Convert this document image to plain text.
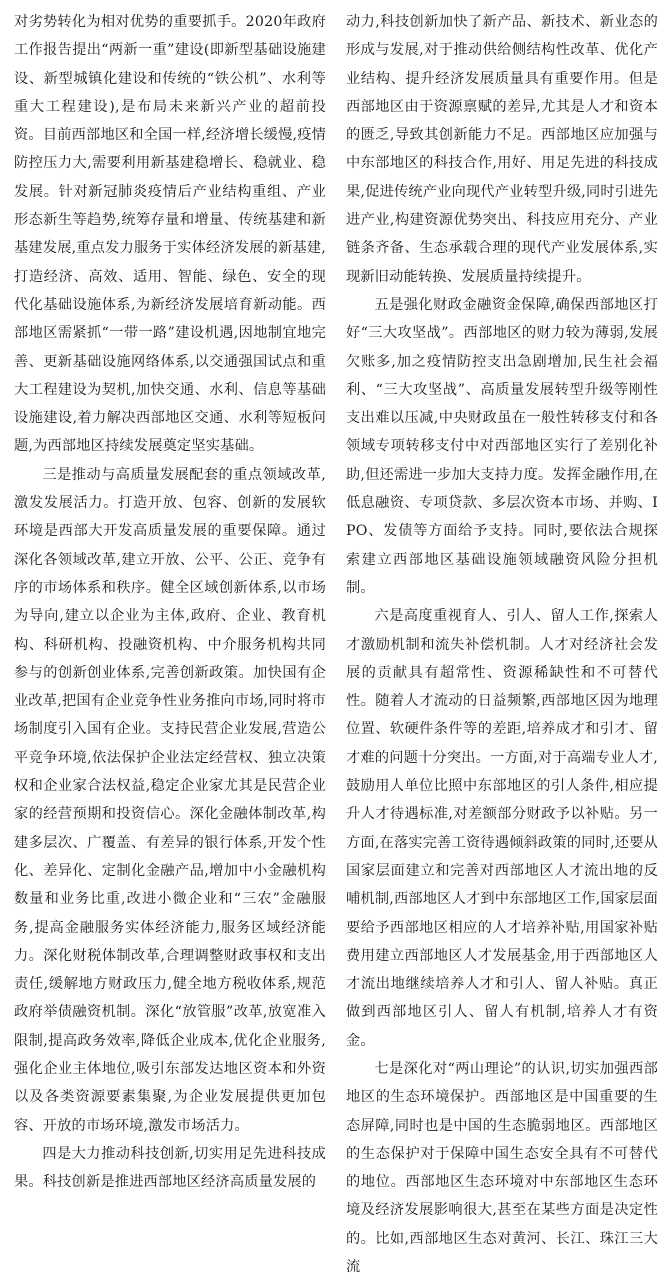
对劣势转化为相对优势的重要抓手。2020年政府工作报告提出“两新一重”建设(即新型基础设施建设、新型城镇化建设和传统的“铁公机”、水利等重大工程建设),是布局未来新兴产业的超前投资。目前西部地区和全国一样,经济增长缓慢,疫情防控压力大,需要利用新基建稳增长、稳就业、稳发展。针对新冠肺炎疫情后产业结构重组、产业形态新生等趋势,统筹存量和增量、传统基建和新基建发展,重点发力服务于实体经济发展的新基建,打造经济、高效、适用、智能、绿色、安全的现代化基础设施体系,为新经济发展培育新动能。西部地区需紧抓“一带一路”建设机遇,因地制宜地完善、更新基础设施网络体系,以交通强国试点和重大工程建设为契机,加快交通、水利、信息等基础设施建设,着力解决西部地区交通、水利等短板问题,为西部地区持续发展奠定坚实基础。

三是推动与高质量发展配套的重点领域改革,激发发展活力。打造开放、包容、创新的发展软环境是西部大开发高质量发展的重要保障。通过深化各领域改革,建立开放、公平、公正、竞争有序的市场体系和秩序。健全区域创新体系,以市场为导向,建立以企业为主体,政府、企业、教育机构、科研机构、投融资机构、中介服务机构共同参与的创新创业体系,完善创新政策。加快国有企业改革,把国有企业竞争性业务推向市场,同时将市场制度引入国有企业。支持民营企业发展,营造公平竞争环境,依法保护企业法定经营权、独立决策权和企业家合法权益,稳定企业家尤其是民营企业家的经营预期和投资信心。深化金融体制改革,构建多层次、广覆盖、有差异的银行体系,开发个性化、差异化、定制化金融产品,增加中小金融机构数量和业务比重,改进小微企业和“三农”金融服务,提高金融服务实体经济能力,服务区域经济能力。深化财税体制改革,合理调整财政事权和支出责任,缓解地方财政压力,健全地方税收体系,规范政府举债融资机制。深化“放管服”改革,放宽准入限制,提高政务效率,降低企业成本,优化企业服务,强化企业主体地位,吸引东部发达地区资本和外资以及各类资源要素集聚,为企业发展提供更加包容、开放的市场环境,激发市场活力。

四是大力推动科技创新,切实用足先进科技成果。科技创新是推进西部地区经济高质量发展的

动力,科技创新加快了新产品、新技术、新业态的形成与发展,对于推动供给侧结构性改革、优化产业结构、提升经济发展质量具有重要作用。但是西部地区由于资源禀赋的差异,尤其是人才和资本的匮乏,导致其创新能力不足。西部地区应加强与中东部地区的科技合作,用好、用足先进的科技成果,促进传统产业向现代产业转型升级,同时引进先进产业,构建资源优势突出、科技应用充分、产业链条齐备、生态承载合理的现代产业发展体系,实现新旧动能转换、发展质量持续提升。

五是强化财政金融资金保障,确保西部地区打好“三大攻坚战”。西部地区的财力较为薄弱,发展欠账多,加之疫情防控支出急剧增加,民生社会福利、“三大攻坚战”、高质量发展转型升级等刚性支出难以压减,中央财政虽在一般性转移支付和各领域专项转移支付中对西部地区实行了差别化补助,但还需进一步加大支持力度。发挥金融作用,在低息融资、专项贷款、多层次资本市场、并购、IPO、发债等方面给予支持。同时,要依法合规探索建立西部地区基础设施领域融资风险分担机制。

六是高度重视育人、引人、留人工作,探索人才激励机制和流失补偿机制。人才对经济社会发展的贡献具有超常性、资源稀缺性和不可替代性。随着人才流动的日益频繁,西部地区因为地理位置、软硬件条件等的差距,培养成才和引才、留才难的问题十分突出。一方面,对于高端专业人才,鼓励用人单位比照中东部地区的引人条件,相应提升人才待遇标准,对差额部分财政予以补贴。另一方面,在落实完善工资待遇倾斜政策的同时,还要从国家层面建立和完善对西部地区人才流出地的反哺机制,西部地区人才到中东部地区工作,国家层面要给予西部地区相应的人才培养补贴,用国家补贴费用建立西部地区人才发展基金,用于西部地区人才流出地继续培养人才和引人、留人补贴。真正做到西部地区引人、留人有机制,培养人才有资金。

七是深化对“两山理论”的认识,切实加强西部地区的生态环境保护。西部地区是中国重要的生态屏障,同时也是中国的生态脆弱地区。西部地区的生态保护对于保障中国生态安全具有不可替代的地位。西部地区生态环境对中东部地区生态环境及经济发展影响很大,甚至在某些方面是决定性的。比如,西部地区生态对黄河、长江、珠江三大流
